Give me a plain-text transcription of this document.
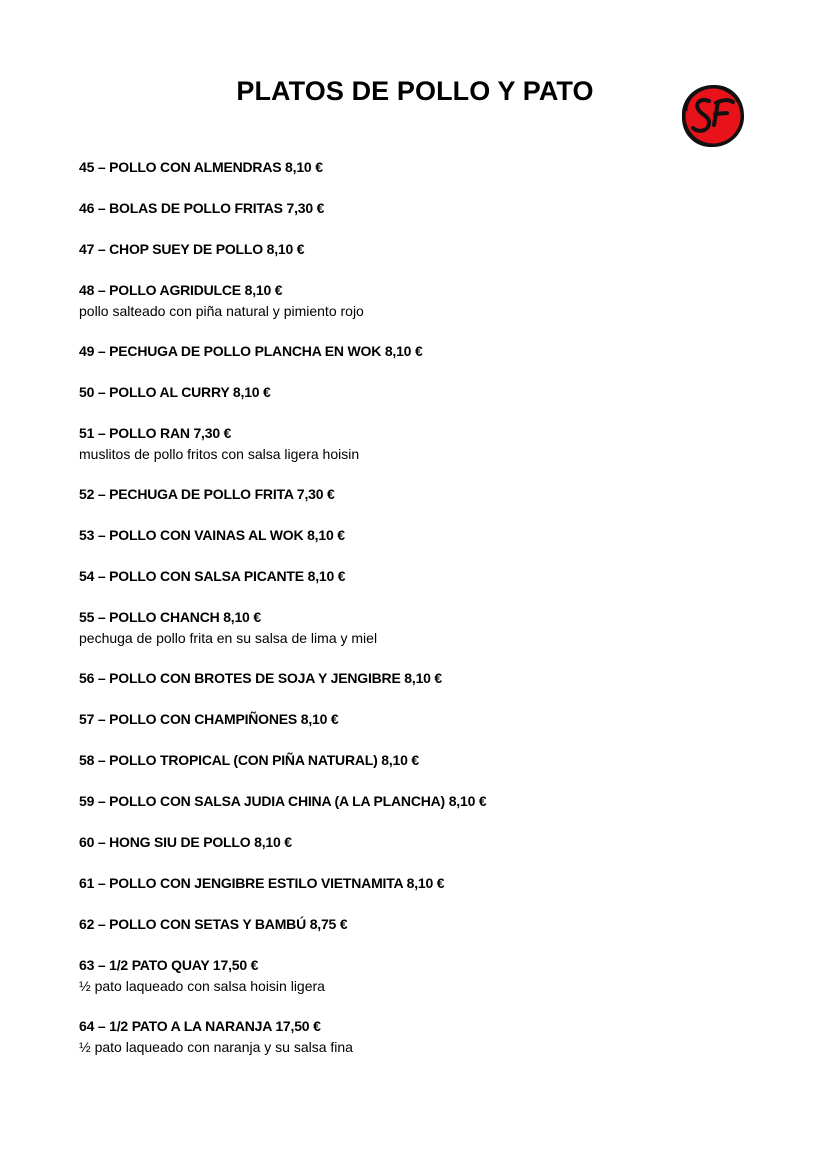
PLATOS DE POLLO Y PATO
45 – POLLO CON ALMENDRAS 8,10 €
46 – BOLAS DE POLLO FRITAS 7,30 €
47 – CHOP SUEY DE POLLO 8,10 €
48 – POLLO AGRIDULCE 8,10 €
pollo salteado con piña natural y pimiento rojo
49 – PECHUGA DE POLLO PLANCHA EN WOK 8,10 €
50 – POLLO AL CURRY 8,10 €
51 – POLLO RAN 7,30 €
muslitos de pollo fritos con salsa ligera hoisin
52 – PECHUGA DE POLLO FRITA 7,30 €
53 – POLLO CON VAINAS AL WOK 8,10 €
54 – POLLO CON SALSA PICANTE 8,10 €
55 – POLLO CHANCH 8,10 €
pechuga de pollo frita en su salsa de lima y miel
56 – POLLO CON BROTES DE SOJA Y JENGIBRE 8,10 €
57 – POLLO CON CHAMPIÑONES 8,10 €
58 – POLLO TROPICAL (CON PIÑA NATURAL) 8,10 €
59 – POLLO CON SALSA JUDIA CHINA (A LA PLANCHA) 8,10 €
60 – HONG SIU DE POLLO 8,10 €
61 – POLLO CON JENGIBRE ESTILO VIETNAMITA 8,10 €
62 – POLLO CON SETAS Y BAMBÚ 8,75 €
63 – 1/2 PATO QUAY 17,50 €
½ pato laqueado con salsa hoisin ligera
64 – 1/2 PATO A LA NARANJA 17,50 €
½ pato laqueado con naranja y su salsa fina
